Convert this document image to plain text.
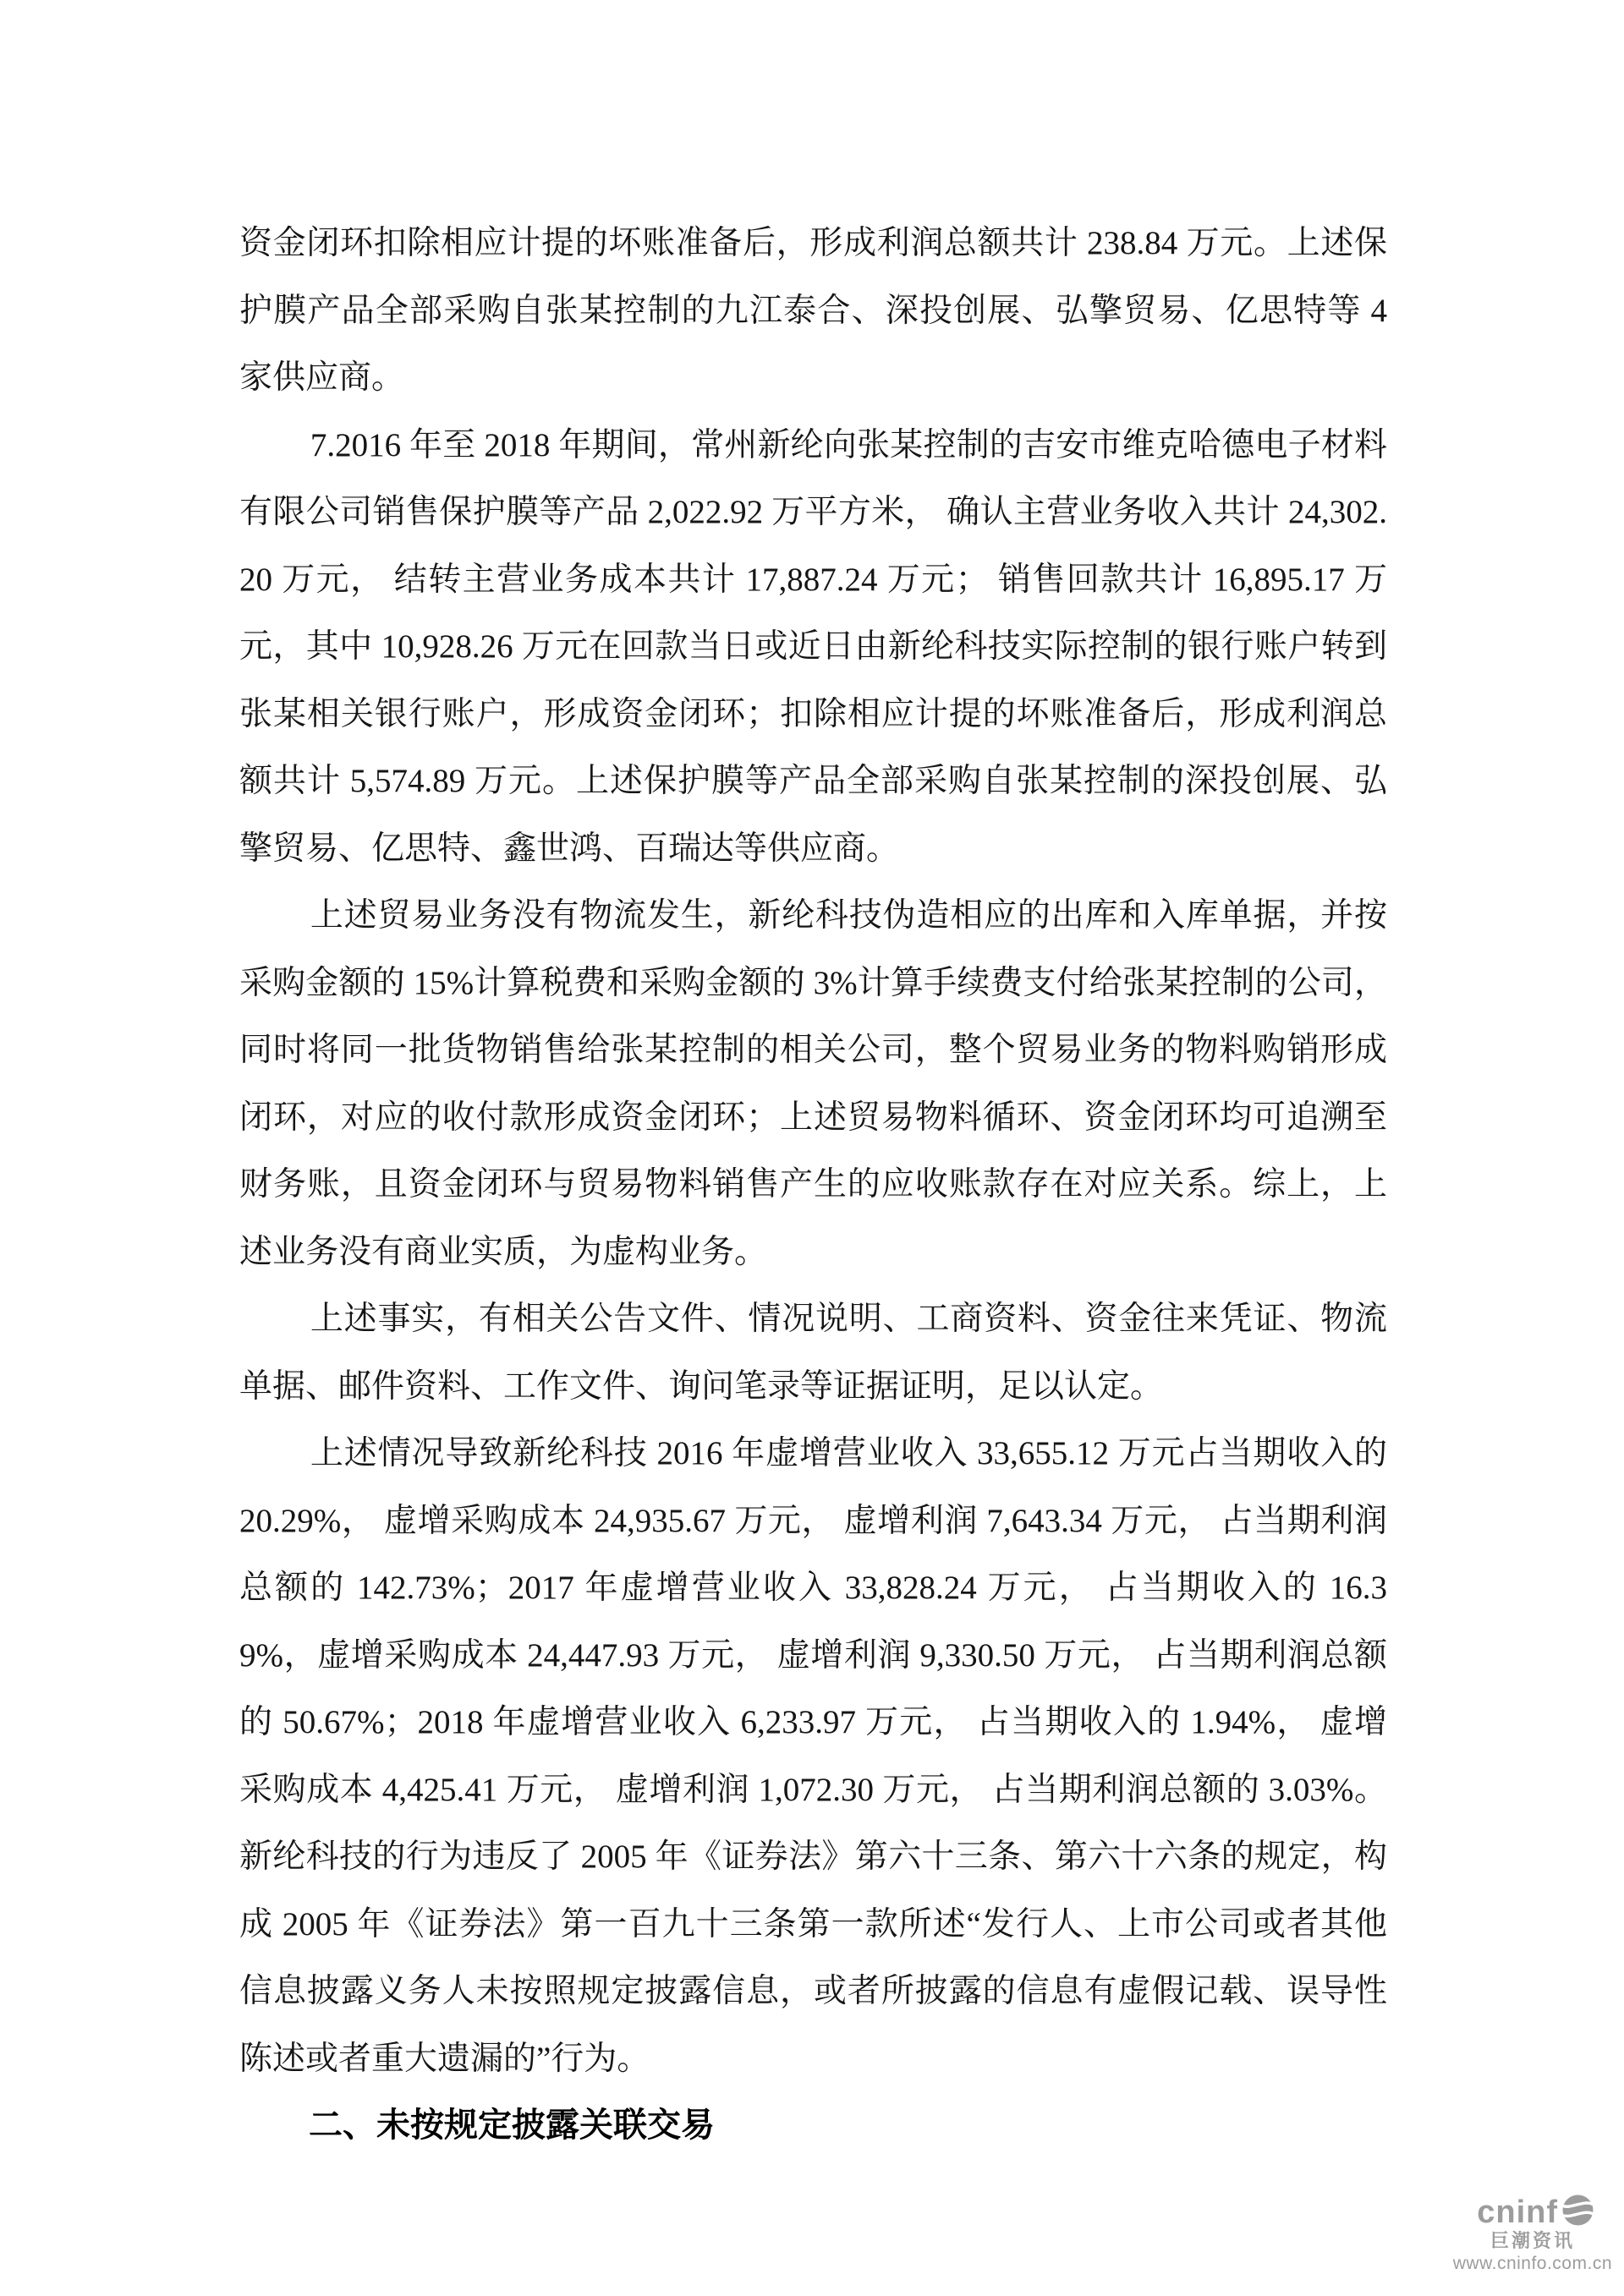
资金闭环扣除相应计提的坏账准备后，形成利润总额共计 238.84 万元。上述保护膜产品全部采购自张某控制的九江泰合、深投创展、弘擎贸易、亿思特等 4 家供应商。

7.2016 年至 2018 年期间，常州新纶向张某控制的吉安市维克哈德电子材料有限公司销售保护膜等产品 2,022.92 万平方米， 确认主营业务收入共计 24,302.20 万元， 结转主营业务成本共计 17,887.24 万元； 销售回款共计 16,895.17 万元，其中 10,928.26 万元在回款当日或近日由新纶科技实际控制的银行账户转到张某相关银行账户，形成资金闭环；扣除相应计提的坏账准备后，形成利润总额共计 5,574.89 万元。上述保护膜等产品全部采购自张某控制的深投创展、弘擎贸易、亿思特、鑫世鸿、百瑞达等供应商。

上述贸易业务没有物流发生，新纶科技伪造相应的出库和入库单据，并按采购金额的 15%计算税费和采购金额的 3%计算手续费支付给张某控制的公司，同时将同一批货物销售给张某控制的相关公司，整个贸易业务的物料购销形成闭环，对应的收付款形成资金闭环；上述贸易物料循环、资金闭环均可追溯至财务账，且资金闭环与贸易物料销售产生的应收账款存在对应关系。综上，上述业务没有商业实质，为虚构业务。

上述事实，有相关公告文件、情况说明、工商资料、资金往来凭证、物流单据、邮件资料、工作文件、询问笔录等证据证明，足以认定。

上述情况导致新纶科技 2016 年虚增营业收入 33,655.12 万元占当期收入的 20.29%， 虚增采购成本 24,935.67 万元， 虚增利润 7,643.34 万元， 占当期利润总额的 142.73%；2017 年虚增营业收入 33,828.24 万元， 占当期收入的 16.39%，虚增采购成本 24,447.93 万元， 虚增利润 9,330.50 万元， 占当期利润总额的 50.67%；2018 年虚增营业收入 6,233.97 万元， 占当期收入的 1.94%， 虚增采购成本 4,425.41 万元， 虚增利润 1,072.30 万元， 占当期利润总额的 3.03%。 新纶科技的行为违反了 2005 年《证券法》第六十三条、第六十六条的规定，构成 2005 年《证券法》第一百九十三条第一款所述“发行人、上市公司或者其他信息披露义务人未按照规定披露信息，或者所披露的信息有虚假记载、误导性陈述或者重大遗漏的”行为。

二、未按规定披露关联交易
cninf
巨潮资讯
www.cninfo.com.cn
